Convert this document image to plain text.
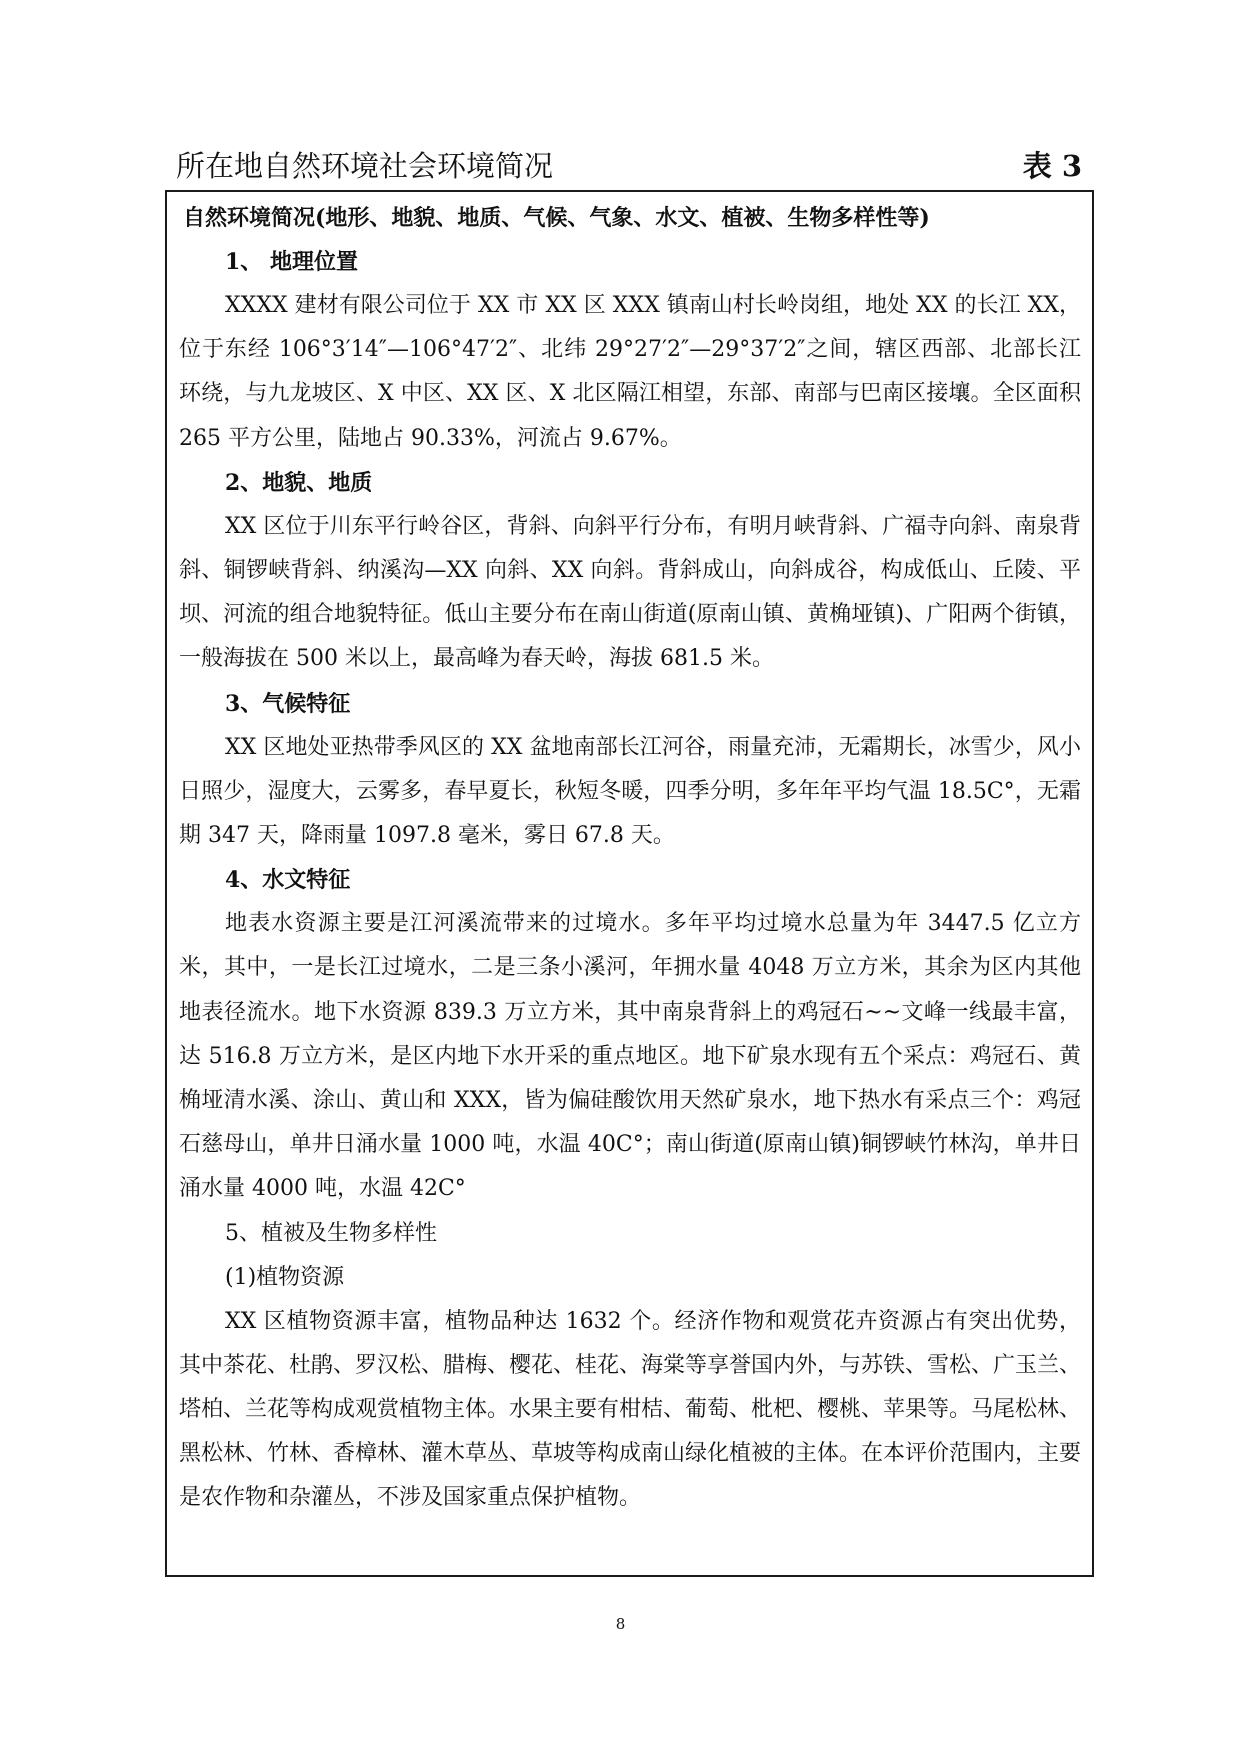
所在地自然环境社会环境简况	表 3
自然环境简况(地形、地貌、地质、气候、气象、水文、植被、生物多样性等)
1、 地理位置

XXXX 建材有限公司位于 XX 市 XX 区 XXX 镇南山村长岭岗组，地处 XX 的长江 XX，位于东经 106°3′14″—106°47′2″、北纬 29°27′2″—29°37′2″之间，辖区西部、北部长江环绕，与九龙坡区、X 中区、XX 区、X 北区隔江相望，东部、南部与巴南区接壤。全区面积 265 平方公里，陆地占 90.33%，河流占 9.67%。

2、地貌、地质

XX 区位于川东平行岭谷区，背斜、向斜平行分布，有明月峡背斜、广福寺向斜、南泉背斜、铜锣峡背斜、纳溪沟—XX 向斜、XX 向斜。背斜成山，向斜成谷，构成低山、丘陵、平坝、河流的组合地貌特征。低山主要分布在南山街道(原南山镇、黄桷垭镇)、广阳两个街镇，一般海拔在 500 米以上，最高峰为春天岭，海拔 681.5 米。

3、气候特征

XX 区地处亚热带季风区的 XX 盆地南部长江河谷，雨量充沛，无霜期长，冰雪少，风小日照少，湿度大，云雾多，春早夏长，秋短冬暖，四季分明，多年年平均气温 18.5C°，无霜期 347 天，降雨量 1097.8 毫米，雾日 67.8 天。

4、水文特征

地表水资源主要是江河溪流带来的过境水。多年平均过境水总量为年 3447.5 亿立方米，其中，一是长江过境水，二是三条小溪河，年拥水量 4048 万立方米，其余为区内其他地表径流水。地下水资源 839.3 万立方米，其中南泉背斜上的鸡冠石~~文峰一线最丰富，达 516.8 万立方米，是区内地下水开采的重点地区。地下矿泉水现有五个采点：鸡冠石、黄桷垭清水溪、涂山、黄山和 XXX，皆为偏硅酸饮用天然矿泉水，地下热水有采点三个：鸡冠石慈母山，单井日涌水量 1000 吨，水温 40C°；南山街道(原南山镇)铜锣峡竹林沟，单井日涌水量 4000 吨，水温 42C°

5、植被及生物多样性
(1)植物资源

XX 区植物资源丰富，植物品种达 1632 个。经济作物和观赏花卉资源占有突出优势，其中茶花、杜鹃、罗汉松、腊梅、樱花、桂花、海棠等享誉国内外，与苏铁、雪松、广玉兰、塔柏、兰花等构成观赏植物主体。水果主要有柑桔、葡萄、枇杷、樱桃、苹果等。马尾松林、黑松林、竹林、香樟林、灌木草丛、草坡等构成南山绿化植被的主体。在本评价范围内，主要是农作物和杂灌丛，不涉及国家重点保护植物。

8
